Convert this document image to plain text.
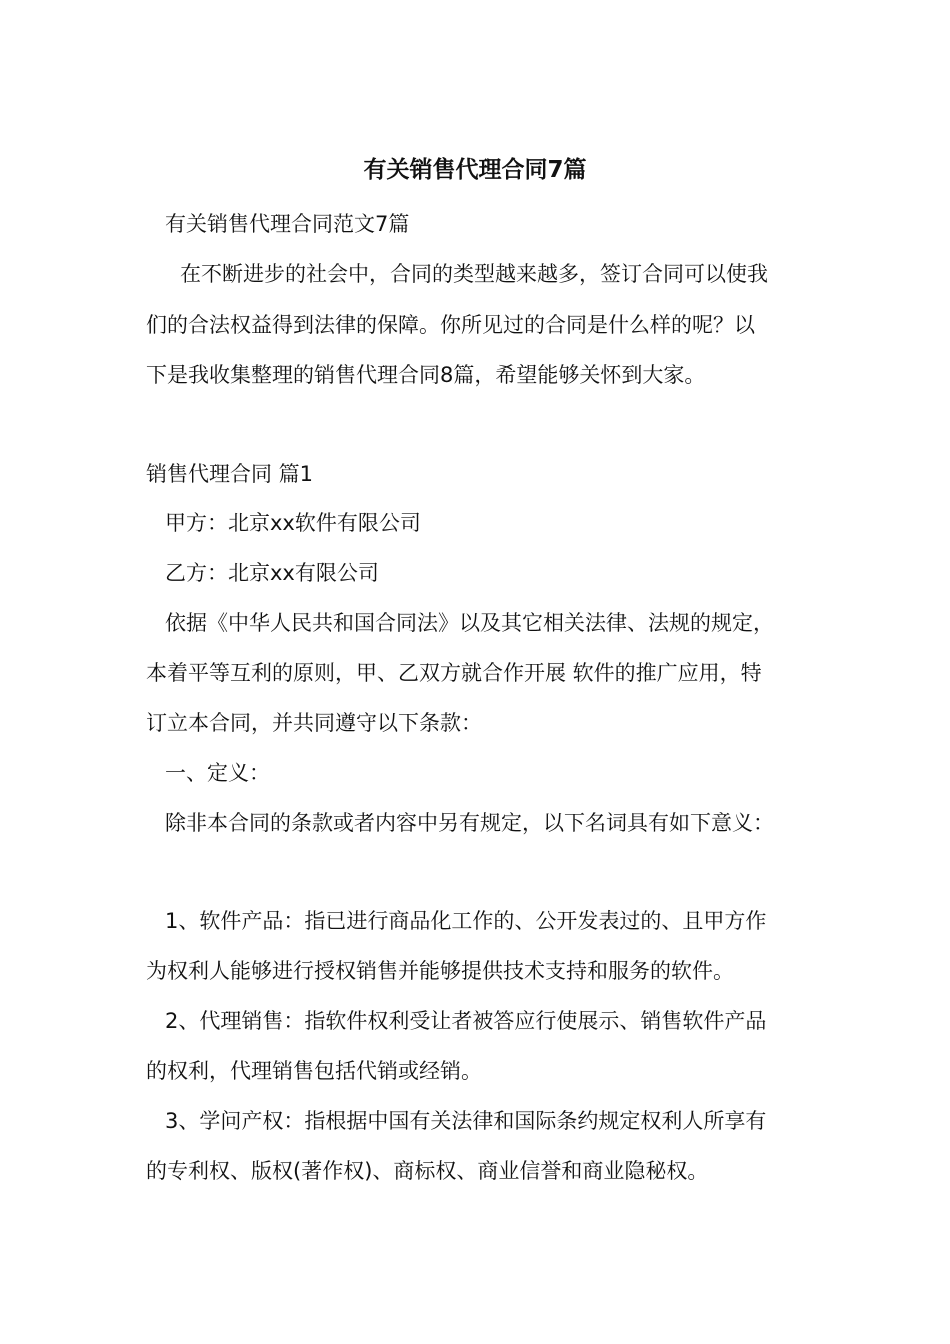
有关销售代理合同7篇
有关销售代理合同范文7篇
在不断进步的社会中，合同的类型越来越多，签订合同可以使我
们的合法权益得到法律的保障。你所见过的合同是什么样的呢？以
下是我收集整理的销售代理合同8篇，希望能够关怀到大家。
销售代理合同 篇1
甲方：北京xx软件有限公司
乙方：北京xx有限公司
依据《中华人民共和国合同法》以及其它相关法律、法规的规定，
本着平等互利的原则，甲、乙双方就合作开展 软件的推广应用，特
订立本合同，并共同遵守以下条款：
一、定义：
除非本合同的条款或者内容中另有规定，以下名词具有如下意义：
1、软件产品：指已进行商品化工作的、公开发表过的、且甲方作
为权利人能够进行授权销售并能够提供技术支持和服务的软件。
2、代理销售：指软件权利受让者被答应行使展示、销售软件产品
的权利，代理销售包括代销或经销。
3、学问产权：指根据中国有关法律和国际条约规定权利人所享有
的专利权、版权(著作权)、商标权、商业信誉和商业隐秘权。
